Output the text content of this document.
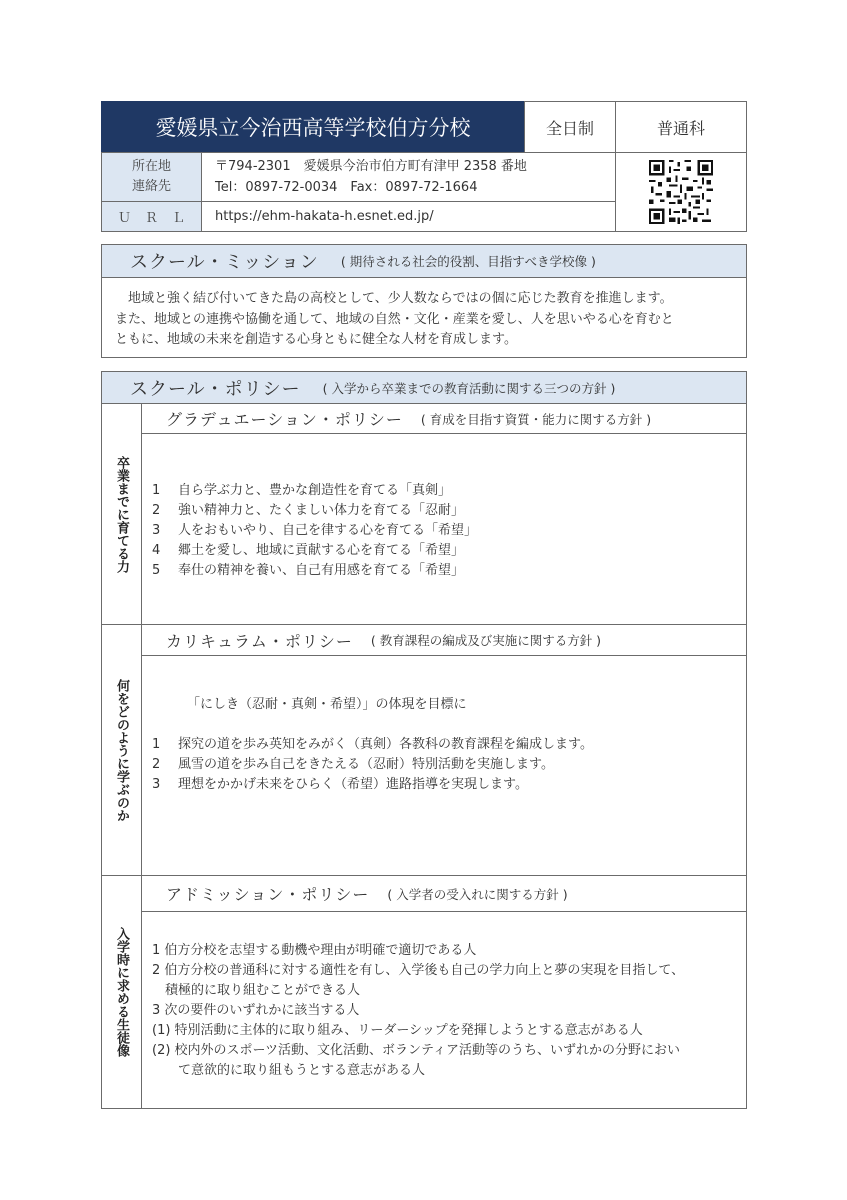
愛媛県立今治西高等学校伯方分校	全日制	普通科
所在地
連絡先
〒794-2301　愛媛県今治市伯方町有津甲 2358 番地
Tel：0897-72-0034　Fax：0897-72-1664
ＵＲＬ	https://ehm-hakata-h.esnet.ed.jp/
スクール・ミッション ( 期待される社会的役割、目指すべき学校像 )
　地域と強く結び付いてきた島の高校として、少人数ならではの個に応じた教育を推進します。
また、地域との連携や協働を通して、地域の自然・文化・産業を愛し、人を思いやる心を育むと
ともに、地域の未来を創造する心身ともに健全な人材を育成します。
スクール・ポリシー ( 入学から卒業までの教育活動に関する三つの方針 )
卒業までに育てる力
グラデュエーション・ポリシー ( 育成を目指す資質・能力に関する方針 )
1 自ら学ぶ力と、豊かな創造性を育てる「真剣」
2 強い精神力と、たくましい体力を育てる「忍耐」
3 人をおもいやり、自己を律する心を育てる「希望」
4 郷土を愛し、地域に貢献する心を育てる「希望」
5 奉仕の精神を養い、自己有用感を育てる「希望」
何をどのように学ぶのか
カリキュラム・ポリシー ( 教育課程の編成及び実施に関する方針 )
「にしき（忍耐・真剣・希望）」の体現を目標に
1 探究の道を歩み英知をみがく（真剣）各教科の教育課程を編成します。
2 風雪の道を歩み自己をきたえる（忍耐）特別活動を実施します。
3 理想をかかげ未来をひらく（希望）進路指導を実現します。
入学時に求める生徒像
アドミッション・ポリシー ( 入学者の受入れに関する方針 )
1 伯方分校を志望する動機や理由が明確で適切である人
2 伯方分校の普通科に対する適性を有し、入学後も自己の学力向上と夢の実現を目指して、
　積極的に取り組むことができる人
3 次の要件のいずれかに該当する人
(1) 特別活動に主体的に取り組み、リーダーシップを発揮しようとする意志がある人
(2) 校内外のスポーツ活動、文化活動、ボランティア活動等のうち、いずれかの分野におい
　　て意欲的に取り組もうとする意志がある人
